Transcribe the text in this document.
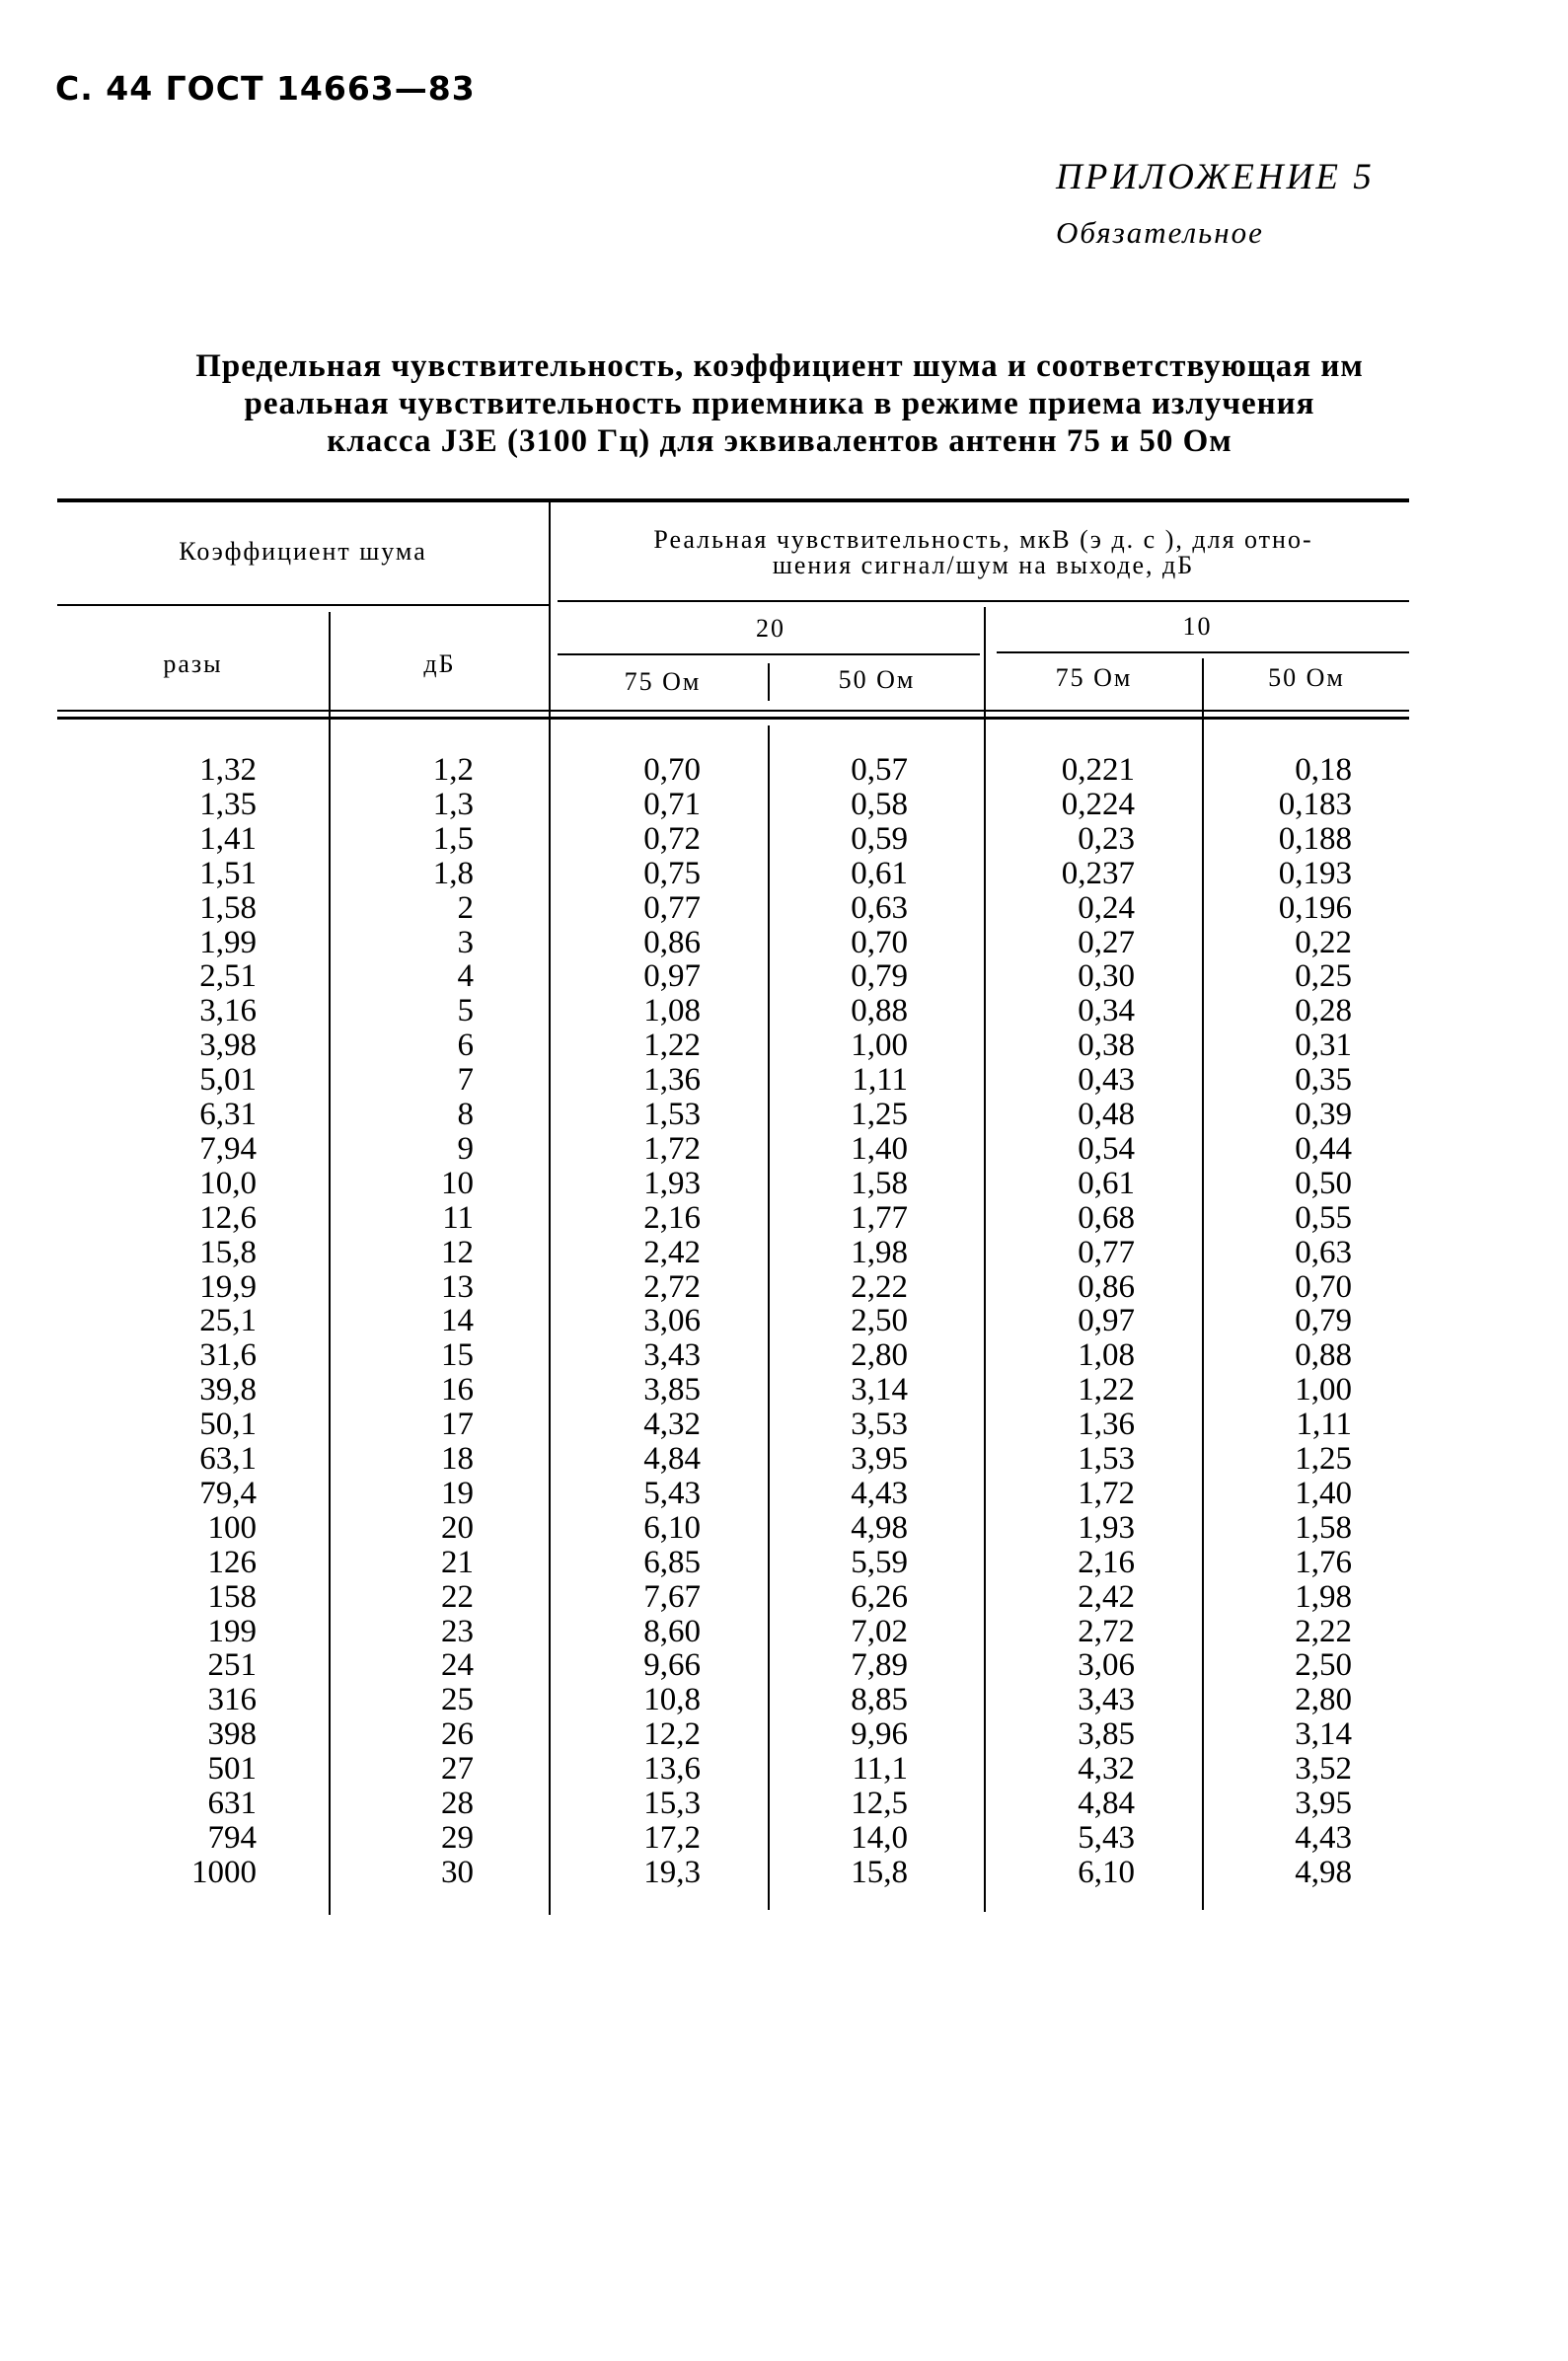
С. 44 ГОСТ 14663—83
ПРИЛОЖЕНИЕ 5
Обязательное
Предельная чувствительность, коэффициент шума и соответствующая им
реальная чувствительность приемника в режиме приема излучения
класса J3E (3100 Гц) для эквивалентов антенн 75 и 50 Ом
Коэффициент шума	Реальная чувствительность, мкВ (э д. с ), для отно-
шения сигнал/шум на выходе, дБ
разы	дБ
20	10
75 Ом	50 Ом	75 Ом	50 Ом
1,32	1,2	0,70	0,57	0,221	0,18
1,35	1,3	0,71	0,58	0,224	0,183
1,41	1,5	0,72	0,59	0,23	0,188
1,51	1,8	0,75	0,61	0,237	0,193
1,58	2	0,77	0,63	0,24	0,196
1,99	3	0,86	0,70	0,27	0,22
2,51	4	0,97	0,79	0,30	0,25
3,16	5	1,08	0,88	0,34	0,28
3,98	6	1,22	1,00	0,38	0,31
5,01	7	1,36	1,11	0,43	0,35
6,31	8	1,53	1,25	0,48	0,39
7,94	9	1,72	1,40	0,54	0,44
10,0	10	1,93	1,58	0,61	0,50
12,6	11	2,16	1,77	0,68	0,55
15,8	12	2,42	1,98	0,77	0,63
19,9	13	2,72	2,22	0,86	0,70
25,1	14	3,06	2,50	0,97	0,79
31,6	15	3,43	2,80	1,08	0,88
39,8	16	3,85	3,14	1,22	1,00
50,1	17	4,32	3,53	1,36	1,11
63,1	18	4,84	3,95	1,53	1,25
79,4	19	5,43	4,43	1,72	1,40
100	20	6,10	4,98	1,93	1,58
126	21	6,85	5,59	2,16	1,76
158	22	7,67	6,26	2,42	1,98
199	23	8,60	7,02	2,72	2,22
251	24	9,66	7,89	3,06	2,50
316	25	10,8	8,85	3,43	2,80
398	26	12,2	9,96	3,85	3,14
501	27	13,6	11,1	4,32	3,52
631	28	15,3	12,5	4,84	3,95
794	29	17,2	14,0	5,43	4,43
1000	30	19,3	15,8	6,10	4,98
